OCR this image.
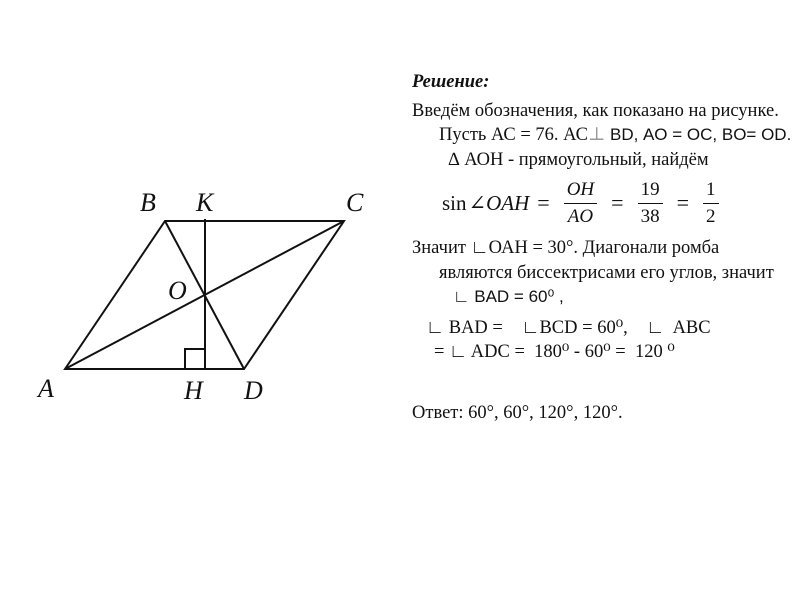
A
B	C
D
K
O
H
Решение:
Введём обозначения, как показано на рисунке. Пусть АС = 76. АС⊥ BD, AO = OC, BO= OD.   ∆ АОН - прямоугольный, найдём
sin ∠OAH = $\frac{OH}{AO} = \frac{19}{38} = \frac{1}{2}$
Значит ∟ОАН = 30°. Диагонали ромба являются биссектрисами его углов, значит    ∟ BAD = 60⁰ ,
∟ BAD =    ∟BCD = 60⁰,    ∟  ABC
= ∟ ADC =  180⁰ - 60⁰ =  120 ⁰
Ответ: 60°, 60°, 120°, 120°.
